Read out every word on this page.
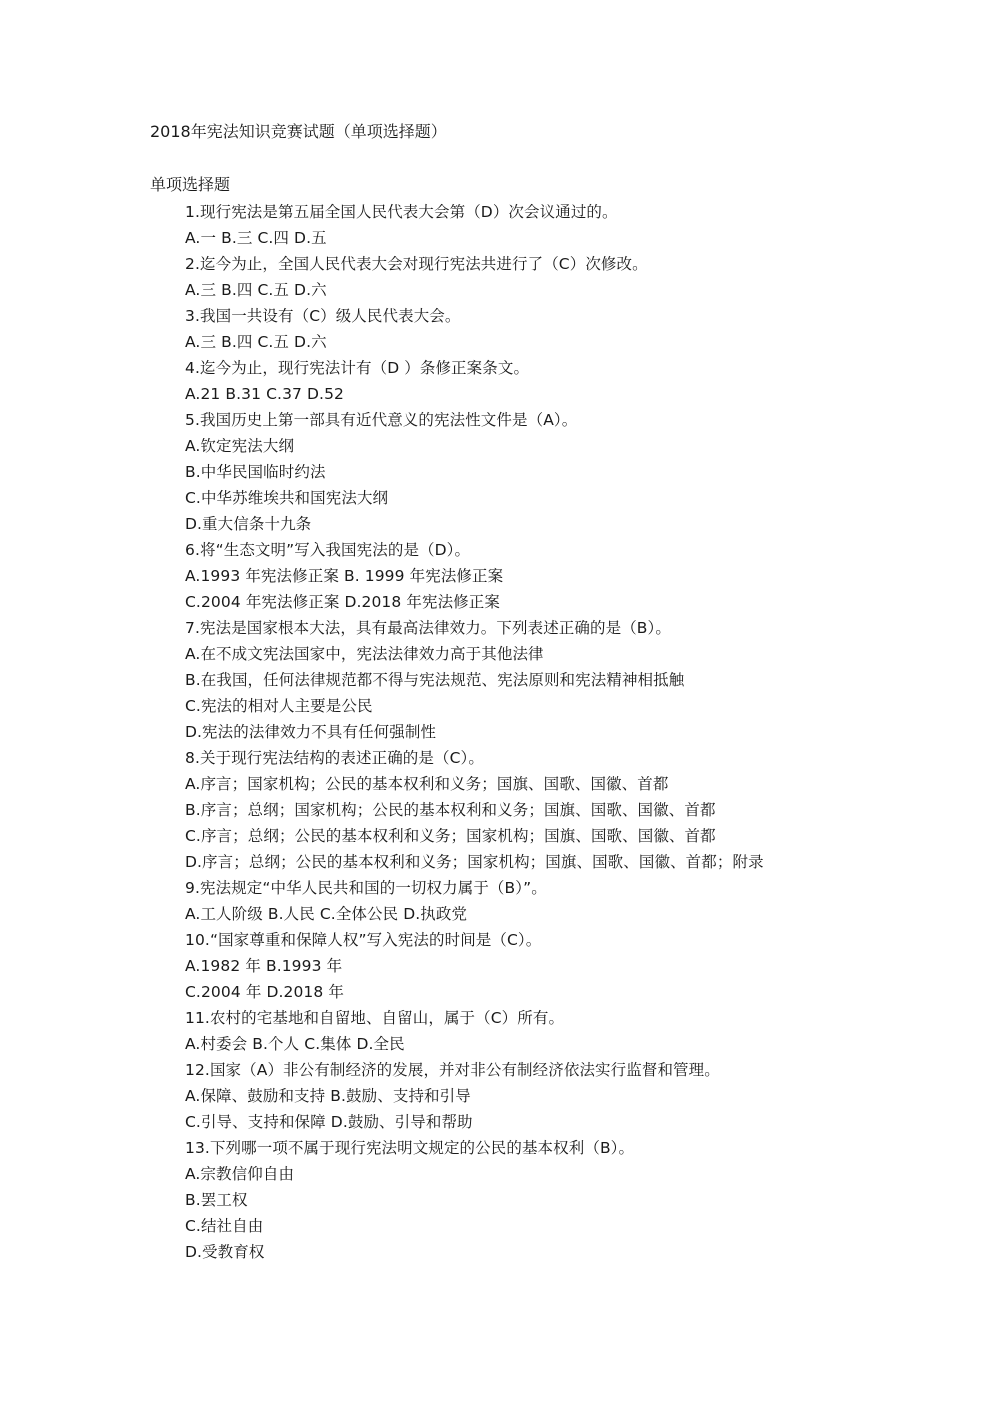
2018年宪法知识竞赛试题（单项选择题）
单项选择题
1.现行宪法是第五届全国人民代表大会第（D）次会议通过的。
A.一 B.三 C.四 D.五
2.迄今为止，全国人民代表大会对现行宪法共进行了（C）次修改。
A.三 B.四 C.五 D.六
3.我国一共设有（C）级人民代表大会。
A.三 B.四 C.五 D.六
4.迄今为止，现行宪法计有（D ）条修正案条文。
A.21 B.31 C.37 D.52
5.我国历史上第一部具有近代意义的宪法性文件是（A）。
A.钦定宪法大纲
B.中华民国临时约法
C.中华苏维埃共和国宪法大纲
D.重大信条十九条
6.将“生态文明”写入我国宪法的是（D）。
A.1993 年宪法修正案 B. 1999 年宪法修正案
C.2004 年宪法修正案 D.2018 年宪法修正案
7.宪法是国家根本大法，具有最高法律效力。下列表述正确的是（B）。
A.在不成文宪法国家中，宪法法律效力高于其他法律
B.在我国，任何法律规范都不得与宪法规范、宪法原则和宪法精神相抵触
C.宪法的相对人主要是公民
D.宪法的法律效力不具有任何强制性
8.关于现行宪法结构的表述正确的是（C）。
A.序言；国家机构；公民的基本权利和义务；国旗、国歌、国徽、首都
B.序言；总纲；国家机构；公民的基本权利和义务；国旗、国歌、国徽、首都
C.序言；总纲；公民的基本权利和义务；国家机构；国旗、国歌、国徽、首都
D.序言；总纲；公民的基本权利和义务；国家机构；国旗、国歌、国徽、首都；附录
9.宪法规定“中华人民共和国的一切权力属于（B）”。
A.工人阶级 B.人民 C.全体公民 D.执政党
10.“国家尊重和保障人权”写入宪法的时间是（C）。
A.1982 年 B.1993 年
C.2004 年 D.2018 年
11.农村的宅基地和自留地、自留山，属于（C）所有。
A.村委会 B.个人 C.集体 D.全民
12.国家（A）非公有制经济的发展，并对非公有制经济依法实行监督和管理。
A.保障、鼓励和支持 B.鼓励、支持和引导
C.引导、支持和保障 D.鼓励、引导和帮助
13.下列哪一项不属于现行宪法明文规定的公民的基本权利（B）。
A.宗教信仰自由
B.罢工权
C.结社自由
D.受教育权
